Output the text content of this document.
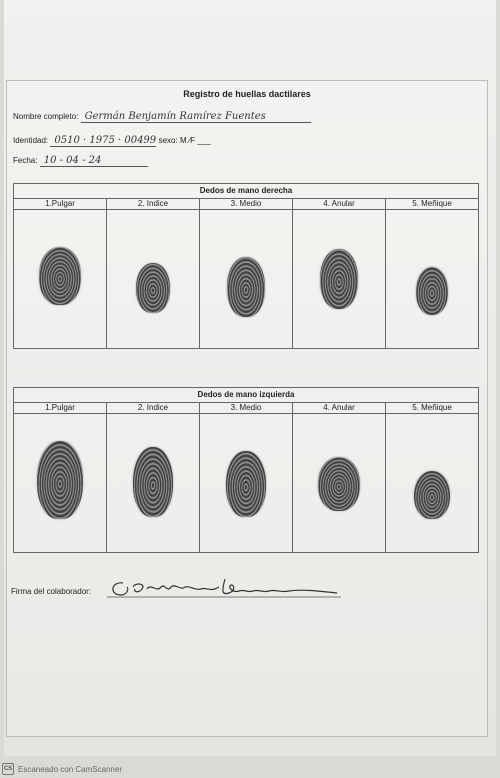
Registro de huellas dactilares
Nombre completo: Germán Benjamín Ramírez Fuentes
Identidad: 0510 · 1975 · 00499 sexo: M ∕F ___
Fecha: 10 - 04 - 24
Dedos de mano derecha
1.Pulgar	2. Indice	3. Medio	4. Anular	5. Meñique
Dedos de mano izquierda
1.Pulgar	2. Indice	3. Medio	4. Anular	5. Meñique
Firma del colaborador:
CS Escaneado con CamScanner
